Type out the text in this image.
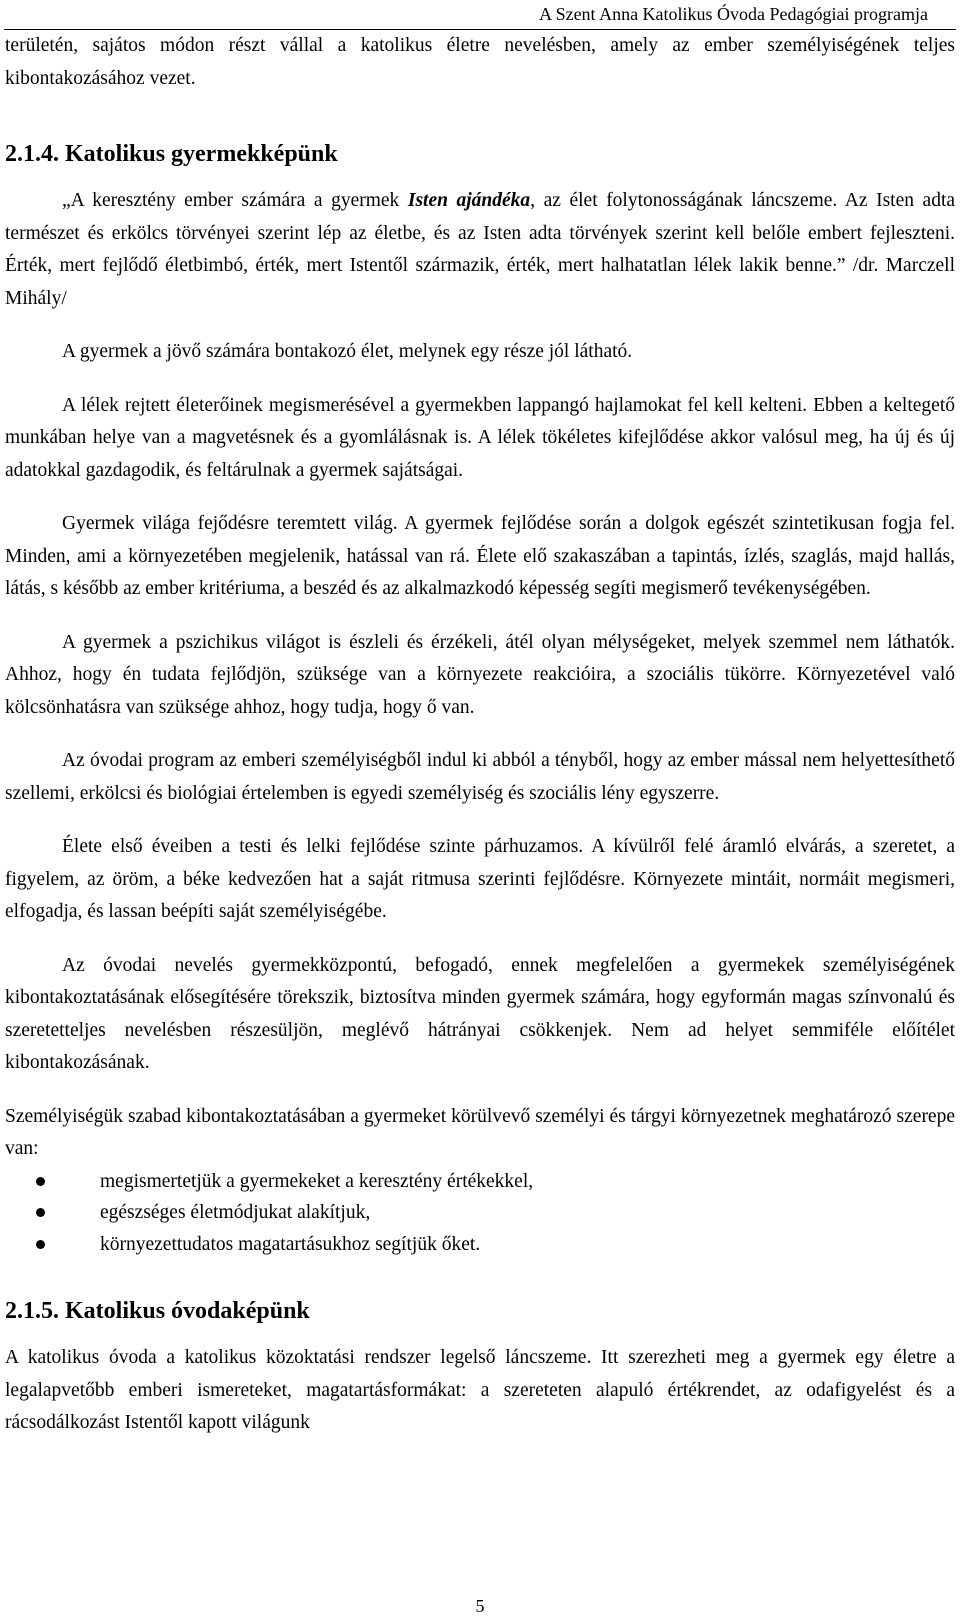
A Szent Anna Katolikus Óvoda Pedagógiai programja

területén, sajátos módon részt vállal a katolikus életre nevelésben, amely az ember személyiségének teljes kibontakozásához vezet.

2.1.4. Katolikus gyermekképünk

„A keresztény ember számára a gyermek Isten ajándéka, az élet folytonosságának láncszeme. Az Isten adta természet és erkölcs törvényei szerint lép az életbe, és az Isten adta törvények szerint kell belőle embert fejleszteni. Érték, mert fejlődő életbimbó, érték, mert Istentől származik, érték, mert halhatatlan lélek lakik benne.” /dr. Marczell Mihály/

A gyermek a jövő számára bontakozó élet, melynek egy része jól látható.

A lélek rejtett életerőinek megismerésével a gyermekben lappangó hajlamokat fel kell kelteni. Ebben a keltegető munkában helye van a magvetésnek és a gyomlálásnak is. A lélek tökéletes kifejlődése akkor valósul meg, ha új és új adatokkal gazdagodik, és feltárulnak a gyermek sajátságai.

Gyermek világa fejődésre teremtett világ. A gyermek fejlődése során a dolgok egészét szintetikusan fogja fel. Minden, ami a környezetében megjelenik, hatással van rá. Élete elő szakaszában a tapintás, ízlés, szaglás, majd hallás, látás, s később az ember kritériuma, a beszéd és az alkalmazkodó képesség segíti megismerő tevékenységében.

A gyermek a pszichikus világot is észleli és érzékeli, átél olyan mélységeket, melyek szemmel nem láthatók. Ahhoz, hogy én tudata fejlődjön, szüksége van a környezete reakcióira, a szociális tükörre. Környezetével való kölcsönhatásra van szüksége ahhoz, hogy tudja, hogy ő van.

Az óvodai program az emberi személyiségből indul ki abból a tényből, hogy az ember mással nem helyettesíthető szellemi, erkölcsi és biológiai értelemben is egyedi személyiség és szociális lény egyszerre.

Élete első éveiben a testi és lelki fejlődése szinte párhuzamos. A kívülről felé áramló elvárás, a szeretet, a figyelem, az öröm, a béke kedvezően hat a saját ritmusa szerinti fejlődésre. Környezete mintáit, normáit megismeri, elfogadja, és lassan beépíti saját személyiségébe.

Az óvodai nevelés gyermekközpontú, befogadó, ennek megfelelően a gyermekek személyiségének kibontakoztatásának elősegítésére törekszik, biztosítva minden gyermek számára, hogy egyformán magas színvonalú és szeretetteljes nevelésben részesüljön, meglévő hátrányai csökkenjek. Nem ad helyet semmiféle előítélet kibontakozásának.

Személyiségük szabad kibontakoztatásában a gyermeket körülvevő személyi és tárgyi környezetnek meghatározó szerepe van:

megismertetjük a gyermekeket a keresztény értékekkel,
egészséges életmódjukat alakítjuk,
környezettudatos magatartásukhoz segítjük őket.
2.1.5. Katolikus óvodaképünk

A katolikus óvoda a katolikus közoktatási rendszer legelső láncszeme. Itt szerezheti meg a gyermek egy életre a legalapvetőbb emberi ismereteket, magatartásformákat: a szereteten alapuló értékrendet, az odafigyelést és a rácsodálkozást Istentől kapott világunk

5
